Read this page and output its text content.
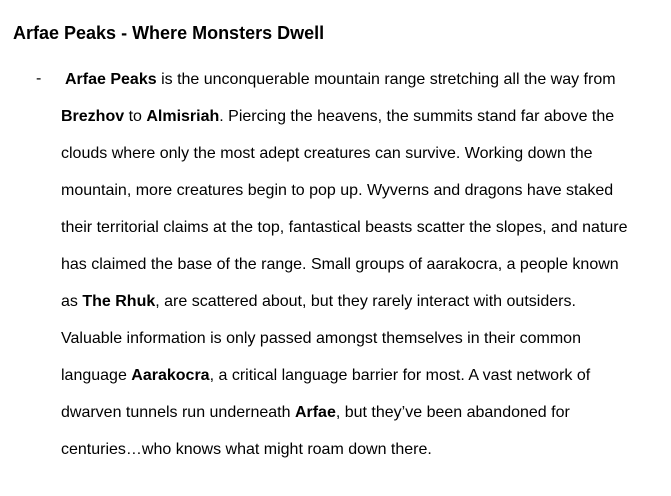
Arfae Peaks - Where Monsters Dwell
- Arfae Peaks is the unconquerable mountain range stretching all the way from
Brezhov to Almisriah. Piercing the heavens, the summits stand far above the
clouds where only the most adept creatures can survive. Working down the
mountain, more creatures begin to pop up. Wyverns and dragons have staked
their territorial claims at the top, fantastical beasts scatter the slopes, and nature
has claimed the base of the range. Small groups of aarakocra, a people known
as The Rhuk, are scattered about, but they rarely interact with outsiders.
Valuable information is only passed amongst themselves in their common
language Aarakocra, a critical language barrier for most. A vast network of
dwarven tunnels run underneath Arfae, but they’ve been abandoned for
centuries…who knows what might roam down there.
